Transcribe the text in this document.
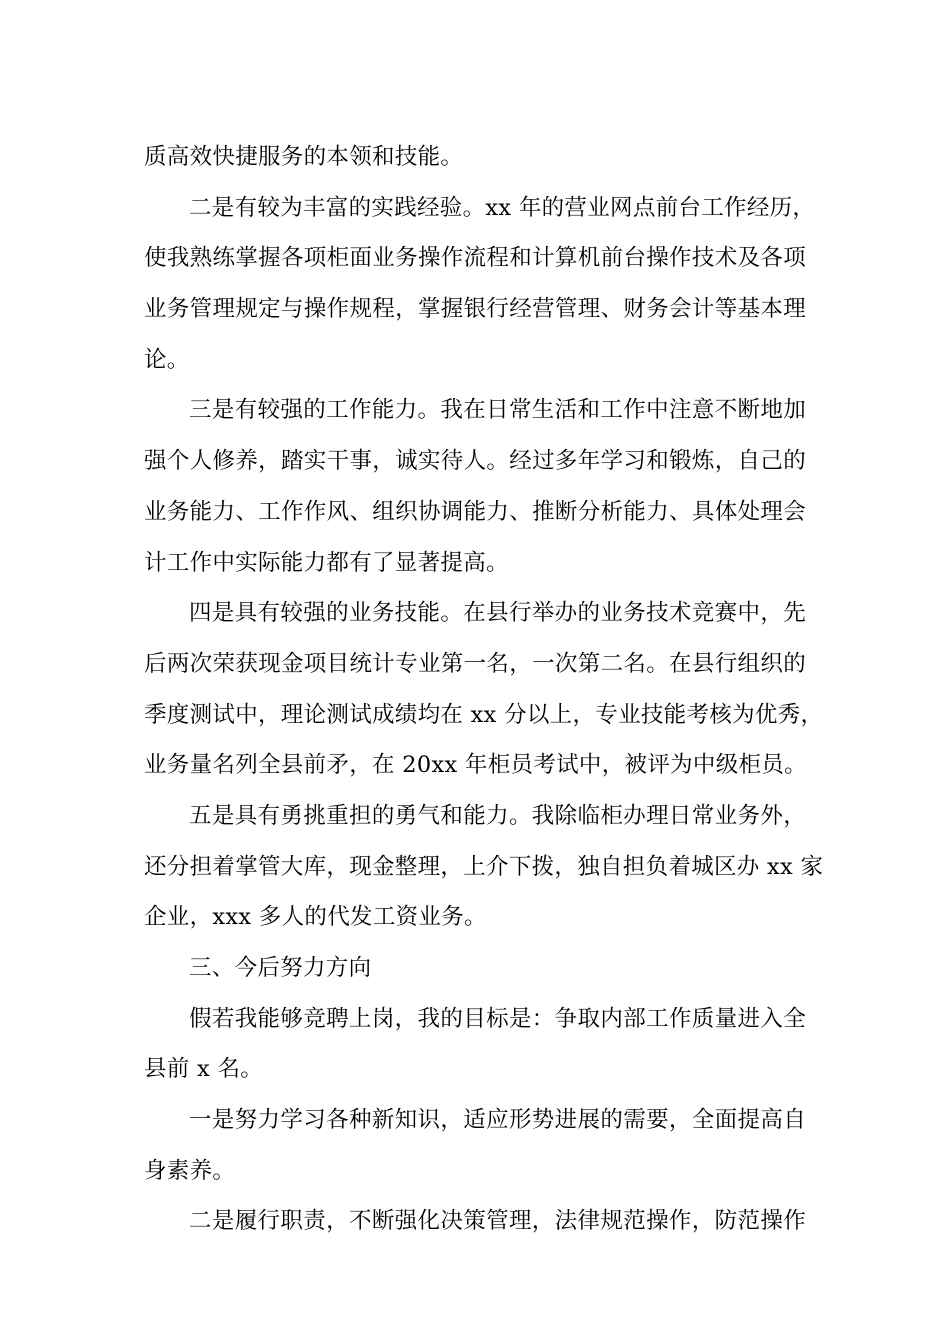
质高效快捷服务的本领和技能。
二是有较为丰富的实践经验。xx 年的营业网点前台工作经历，
使我熟练掌握各项柜面业务操作流程和计算机前台操作技术及各项
业务管理规定与操作规程，掌握银行经营管理、财务会计等基本理
论。
三是有较强的工作能力。我在日常生活和工作中注意不断地加
强个人修养，踏实干事，诚实待人。经过多年学习和锻炼，自己的
业务能力、工作作风、组织协调能力、推断分析能力、具体处理会
计工作中实际能力都有了显著提高。
四是具有较强的业务技能。在县行举办的业务技术竞赛中，先
后两次荣获现金项目统计专业第一名，一次第二名。在县行组织的
季度测试中，理论测试成绩均在 xx 分以上，专业技能考核为优秀，
业务量名列全县前矛，在 20xx 年柜员考试中，被评为中级柜员。
五是具有勇挑重担的勇气和能力。我除临柜办理日常业务外，
还分担着掌管大库，现金整理，上介下拨，独自担负着城区办 xx 家
企业，xxx 多人的代发工资业务。
三、今后努力方向
假若我能够竞聘上岗，我的目标是：争取内部工作质量进入全
县前 x 名。
一是努力学习各种新知识，适应形势进展的需要，全面提高自
身素养。
二是履行职责，不断强化决策管理，法律规范操作，防范操作
